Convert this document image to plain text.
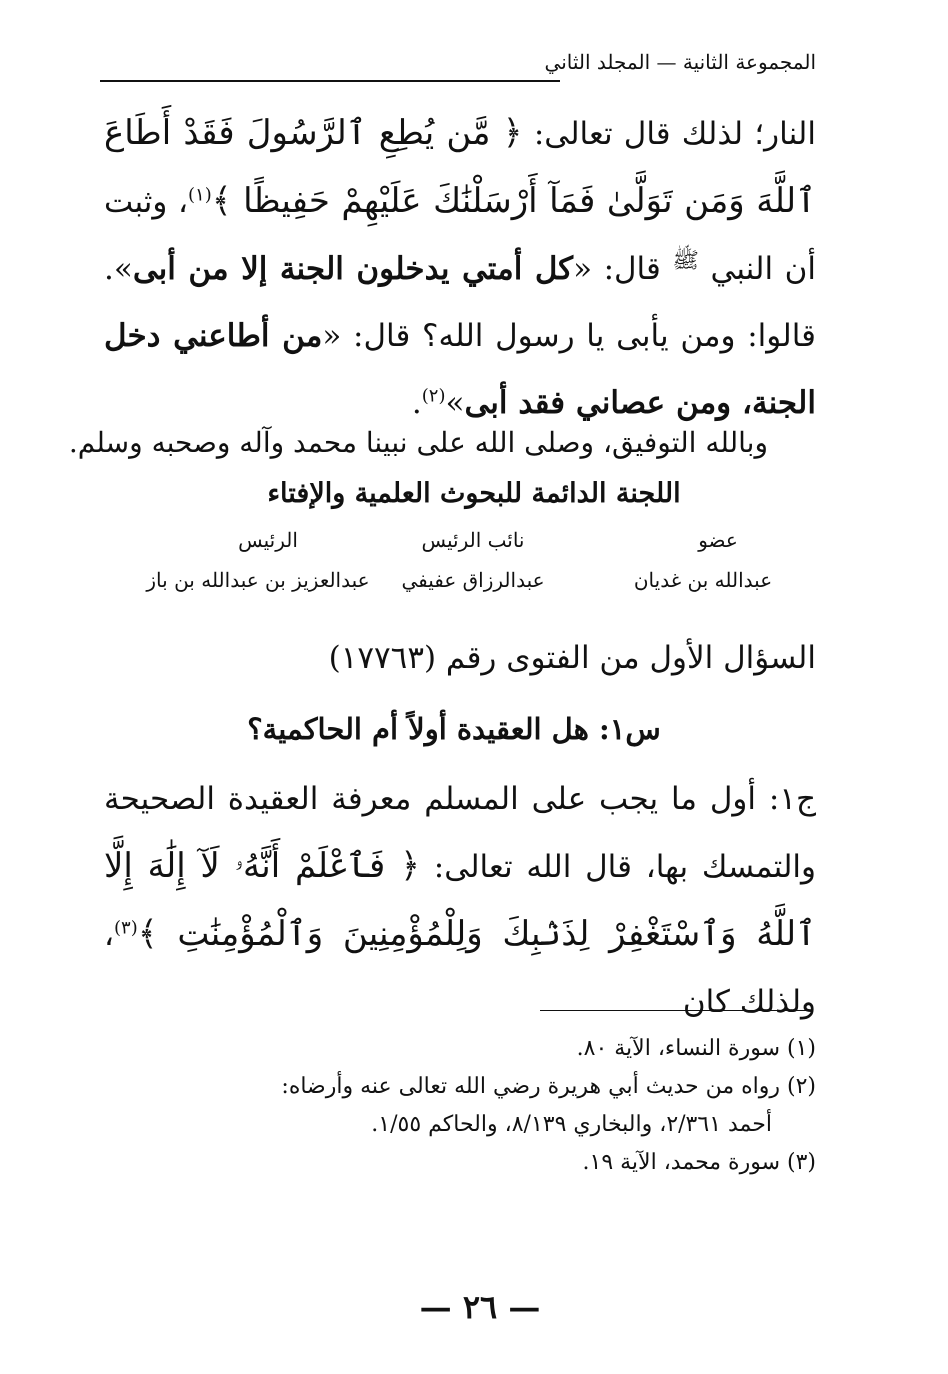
المجموعة الثانية — المجلد الثاني

النار؛ لذلك قال تعالى: ﴿ مَّن يُطِعِ ٱلرَّسُولَ فَقَدْ أَطَاعَ ٱللَّهَ وَمَن تَوَلَّىٰ فَمَآ أَرْسَلْنَٰكَ عَلَيْهِمْ حَفِيظًا ﴾$^{(١)}$، وثبت أن النبي $^ﷺ$ قال: «كل أمتي يدخلون الجنة إلا من أبى». قالوا: ومن يأبى يا رسول الله؟ قال: «من أطاعني دخل الجنة، ومن عصاني فقد أبى»$^{(٢)}$.

وبالله التوفيق، وصلى الله على نبينا محمد وآله وصحبه وسلم.
اللجنة الدائمة للبحوث العلمية والإفتاء
عضو
نائب الرئيس
الرئيس
عبدالله بن غديان
عبدالرزاق عفيفي
عبدالعزيز بن عبدالله بن باز
السؤال الأول من الفتوى رقم (١٧٧٦٣)
س١: هل العقيدة أولاً أم الحاكمية؟

ج١: أول ما يجب على المسلم معرفة العقيدة الصحيحة والتمسك بها، قال الله تعالى: ﴿ فَٱعْلَمْ أَنَّهُۥ لَآ إِلَٰهَ إِلَّا ٱللَّهُ وَٱسْتَغْفِرْ لِذَنۢبِكَ وَلِلْمُؤْمِنِينَ وَٱلْمُؤْمِنَٰتِ ﴾$^{(٣)}$، ولذلك كان

(١) سورة النساء، الآية ٨٠.
(٢) رواه من حديث أبي هريرة رضي الله تعالى عنه وأرضاه:
أحمد ٢/٣٦١، والبخاري ٨/١٣٩، والحاكم ١/٥٥.
(٣) سورة محمد، الآية ١٩.
— ٢٦ —
